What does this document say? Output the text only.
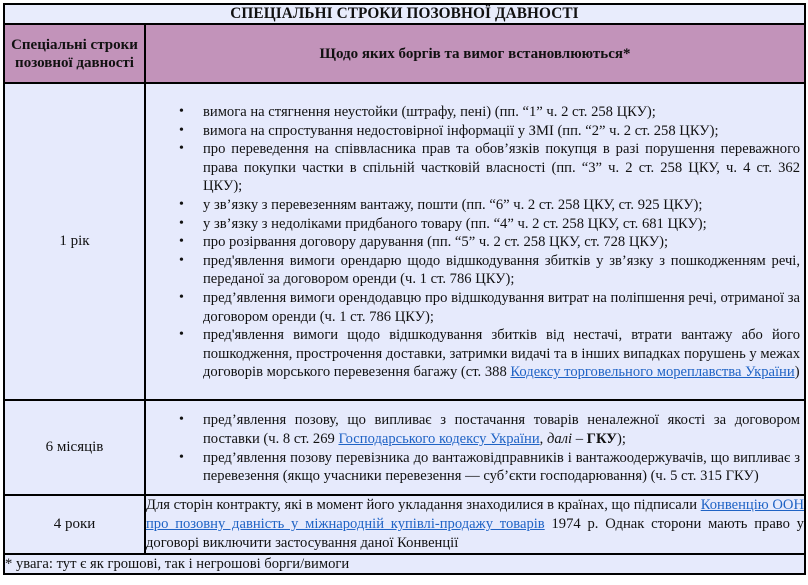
СПЕЦІАЛЬНІ СТРОКИ ПОЗОВНОЇ ДАВНОСТІ	
Спеціальні строки позовної давності	Щодо яких боргів та вимог встановлюються*
1 рік	
• вимога на стягнення неустойки (штрафу, пені) (пп. “1” ч. 2 ст. 258 ЦКУ);
• вимога на спростування недостовірної інформації у ЗМІ (пп. “2” ч. 2 ст. 258 ЦКУ);
• про переведення на співвласника прав та обов’язків покупця в разі порушення переважного права покупки частки в спільній частковій власності (пп. “3” ч. 2 ст. 258 ЦКУ, ч. 4 ст. 362 ЦКУ);
• у зв’язку з перевезенням вантажу, пошти (пп. “6” ч. 2 ст. 258 ЦКУ, ст. 925 ЦКУ);
• у зв’язку з недоліками придбаного товару (пп. “4” ч. 2 ст. 258 ЦКУ, ст. 681 ЦКУ);
• про розірвання договору дарування (пп. “5” ч. 2 ст. 258 ЦКУ, ст. 728 ЦКУ);
• пред'явлення вимоги орендарю щодо відшкодування збитків у зв’язку з пошкодженням речі, переданої за договором оренди (ч. 1 ст. 786 ЦКУ);
• пред’явлення вимоги орендодавцю про відшкодування витрат на поліпшення речі, отриманої за договором оренди (ч. 1 ст. 786 ЦКУ);
• пред'явлення вимоги щодо відшкодування збитків від нестачі, втрати вантажу або його пошкодження, прострочення доставки, затримки видачі та в інших випадках порушень у межах договорів морського перевезення багажу (ст. 388 Кодексу торговельного мореплавства України)

6 місяців	
• пред’явлення позову, що випливає з постачання товарів неналежної якості за договором поставки (ч. 8 ст. 269 Господарського кодексу України, далі – ГКУ);
• пред’явлення позову перевізника до вантажовідправників і вантажоодержувачів, що випливає з перевезення (якщо учасники перевезення — суб’єкти господарювання) (ч. 5 ст. 315 ГКУ)

4 роки	Для сторін контракту, які в момент його укладання знаходилися в країнах, що підписали Конвенцію ООН про позовну давність у міжнародній купівлі-продажу товарів 1974 р. Однак сторони мають право у договорі виключити застосування даної Конвенції
* увага: тут є як грошові, так і негрошові борги/вимоги	
